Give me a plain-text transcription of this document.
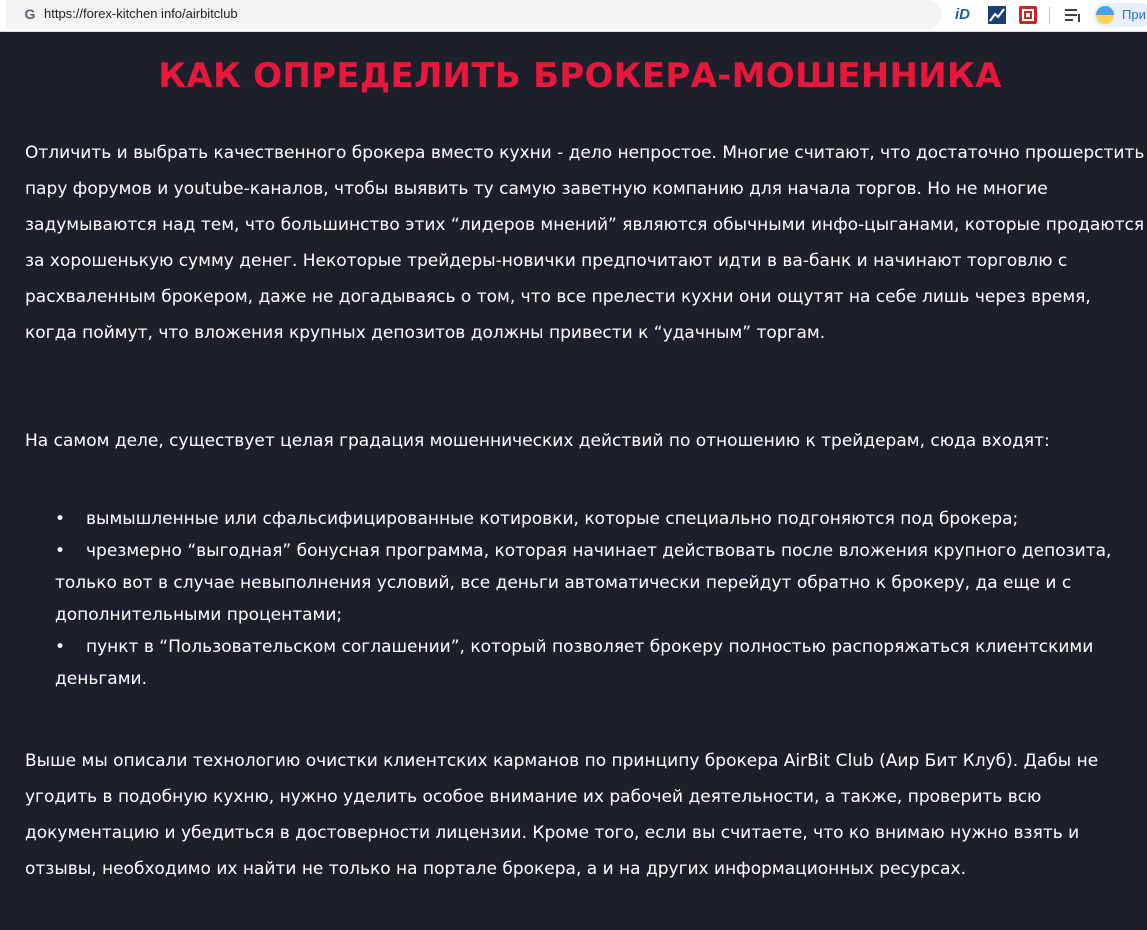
G https://forex-kitchen info/airbitclub	iD	При
КАК ОПРЕДЕЛИТЬ БРОКЕРА-МОШЕННИКА

Отличить и выбрать качественного брокера вместо кухни - дело непростое. Многие считают, что достаточно прошерстить пару форумов и youtube-каналов, чтобы выявить ту самую заветную компанию для начала торгов. Но не многие задумываются над тем, что большинство этих “лидеров мнений” являются обычными инфо-цыганами, которые продаются за хорошенькую сумму денег. Некоторые трейдеры-новички предпочитают идти в ва-банк и начинают торговлю с расхваленным брокером, даже не догадываясь о том, что все прелести кухни они ощутят на себе лишь через время, когда поймут, что вложения крупных депозитов должны привести к “удачным” торгам.

На самом деле, существует целая градация мошеннических действий по отношению к трейдерам, сюда входят:

• вымышленные или сфальсифицированные котировки, которые специально подгоняются под брокера;
• чрезмерно “выгодная” бонусная программа, которая начинает действовать после вложения крупного депозита, только вот в случае невыполнения условий, все деньги автоматически перейдут обратно к брокеру, да еще и с дополнительными процентами;
• пункт в “Пользовательском соглашении”, который позволяет брокеру полностью распоряжаться клиентскими деньгами.

Выше мы описали технологию очистки клиентских карманов по принципу брокера AirBit Club (Аир Бит Клуб). Дабы не угодить в подобную кухню, нужно уделить особое внимание их рабочей деятельности, а также, проверить всю документацию и убедиться в достоверности лицензии. Кроме того, если вы считаете, что ко внимаю нужно взять и отзывы, необходимо их найти не только на портале брокера, а и на других информационных ресурсах.
